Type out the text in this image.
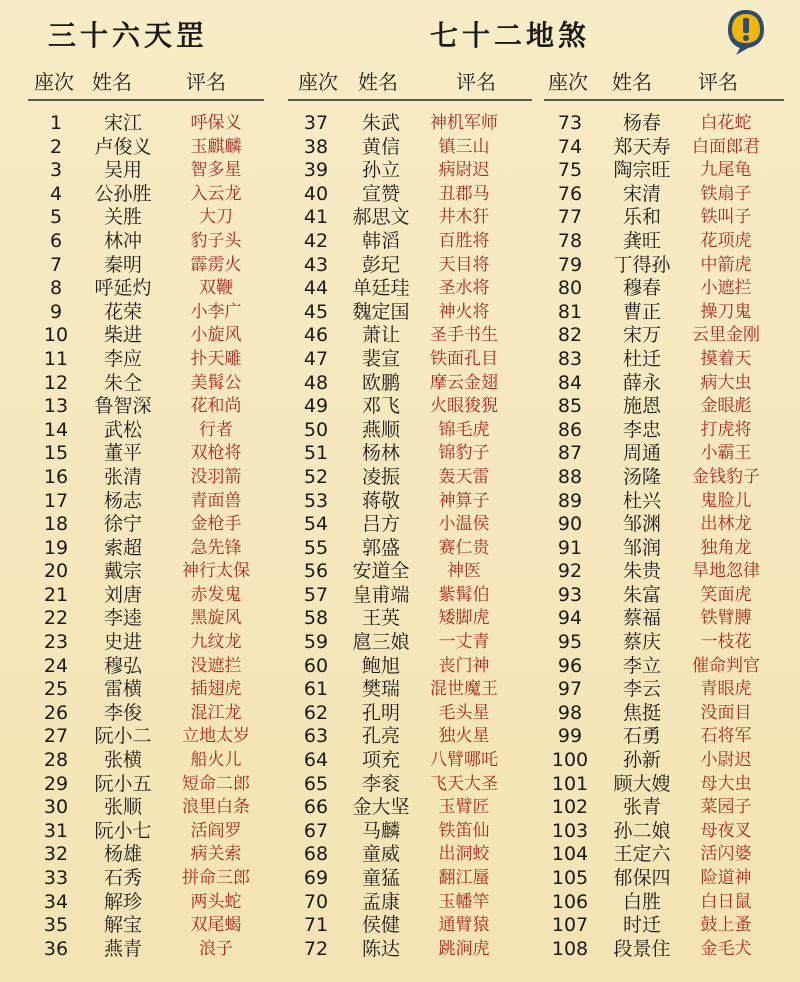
三十六天罡	七十二地煞
座次 姓名	评名
1	宋江	呼保义
2	卢俊义	玉麒麟
3	吴用	智多星
4	公孙胜	入云龙
5	关胜	大刀
6	林冲	豹子头
7	秦明	霹雳火
8	呼延灼	双鞭
9	花荣	小李广
10	柴进	小旋风
11	李应	扑天雕
12	朱仝	美髯公
13	鲁智深	花和尚
14	武松	行者
15	董平	双枪将
16	张清	没羽箭
17	杨志	青面兽
18	徐宁	金枪手
19	索超	急先锋
20	戴宗	神行太保
21	刘唐	赤发鬼
22	李逵	黑旋风
23	史进	九纹龙
24	穆弘	没遮拦
25	雷横	插翅虎
26	李俊	混江龙
27	阮小二	立地太岁
28	张横	船火儿
29	阮小五	短命二郎
30	张顺	浪里白条
31	阮小七	活阎罗
32	杨雄	病关索
33	石秀	拼命三郎
34	解珍	两头蛇
35	解宝	双尾蝎
36	燕青	浪子
座次 姓名	评名
37	朱武	神机军师
38	黄信	镇三山
39	孙立	病尉迟
40	宣赞	丑郡马
41	郝思文	井木犴
42	韩滔	百胜将
43	彭玘	天目将
44	单廷珪	圣水将
45	魏定国	神火将
46	萧让	圣手书生
47	裴宣	铁面孔目
48	欧鹏	摩云金翅
49	邓飞	火眼狻猊
50	燕顺	锦毛虎
51	杨林	锦豹子
52	凌振	轰天雷
53	蒋敬	神算子
54	吕方	小温侯
55	郭盛	赛仁贵
56	安道全	神医
57	皇甫端	紫髯伯
58	王英	矮脚虎
59	扈三娘	一丈青
60	鲍旭	丧门神
61	樊瑞	混世魔王
62	孔明	毛头星
63	孔亮	独火星
64	项充	八臂哪吒
65	李衮	飞天大圣
66	金大坚	玉臂匠
67	马麟	铁笛仙
68	童威	出洞蛟
69	童猛	翻江蜃
70	孟康	玉幡竿
71	侯健	通臂猿
72	陈达	跳涧虎
座次 姓名 评名
73	杨春	白花蛇
74	郑天寿	白面郎君
75	陶宗旺	九尾龟
76	宋清	铁扇子
77	乐和	铁叫子
78	龚旺	花项虎
79	丁得孙	中箭虎
80	穆春	小遮拦
81	曹正	操刀鬼
82	宋万	云里金刚
83	杜迁	摸着天
84	薛永	病大虫
85	施恩	金眼彪
86	李忠	打虎将
87	周通	小霸王
88	汤隆	金钱豹子
89	杜兴	鬼脸儿
90	邹渊	出林龙
91	邹润	独角龙
92	朱贵	旱地忽律
93	朱富	笑面虎
94	蔡福	铁臂膊
95	蔡庆	一枝花
96	李立	催命判官
97	李云	青眼虎
98	焦挺	没面目
99	石勇	石将军
100	孙新	小尉迟
101	顾大嫂	母大虫
102	张青	菜园子
103	孙二娘	母夜叉
104	王定六	活闪婆
105	郁保四	险道神
106	白胜	白日鼠
107	时迁	鼓上蚤
108	段景住	金毛犬
